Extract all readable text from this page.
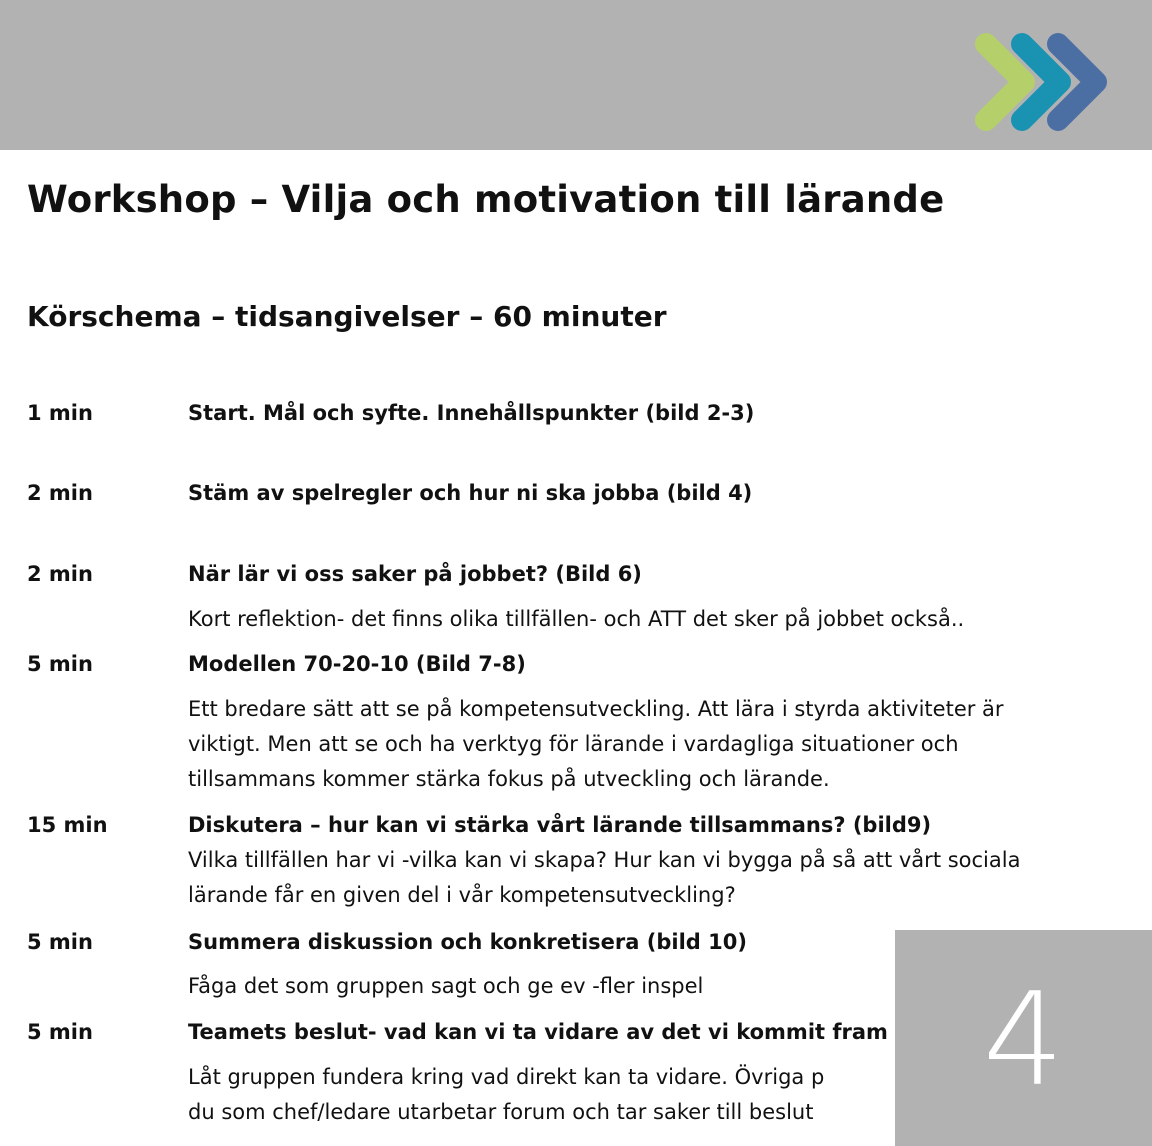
Workshop – Vilja och motivation till lärande
Körschema – tidsangivelser – 60 minuter
1 min	Start. Mål och syfte. Innehållspunkter (bild 2-3)
2 min	Stäm av spelregler och hur ni ska jobba (bild 4)
2 min	När lär vi oss saker på jobbet? (Bild 6)
Kort reflektion- det finns olika tillfällen- och ATT det sker på jobbet också..
5 min	Modellen 70-20-10 (Bild 7-8)
Ett bredare sätt att se på kompetensutveckling. Att lära i styrda aktiviteter är
viktigt. Men att se och ha verktyg för lärande i vardagliga situationer och
tillsammans kommer stärka fokus på utveckling och lärande.
15 min	Diskutera – hur kan vi stärka vårt lärande tillsammans? (bild9)
Vilka tillfällen har vi -vilka kan vi skapa? Hur kan vi bygga på så att vårt sociala
lärande får en given del i vår kompetensutveckling?
5 min	Summera diskussion och konkretisera (bild 10)
Fåga det som gruppen sagt och ge ev -fler inspel
5 min	Teamets beslut- vad kan vi ta vidare av det vi kommit fram
Låt gruppen fundera kring vad direkt kan ta vidare. Övriga p
du som chef/ledare utarbetar forum och tar saker till beslut 4
